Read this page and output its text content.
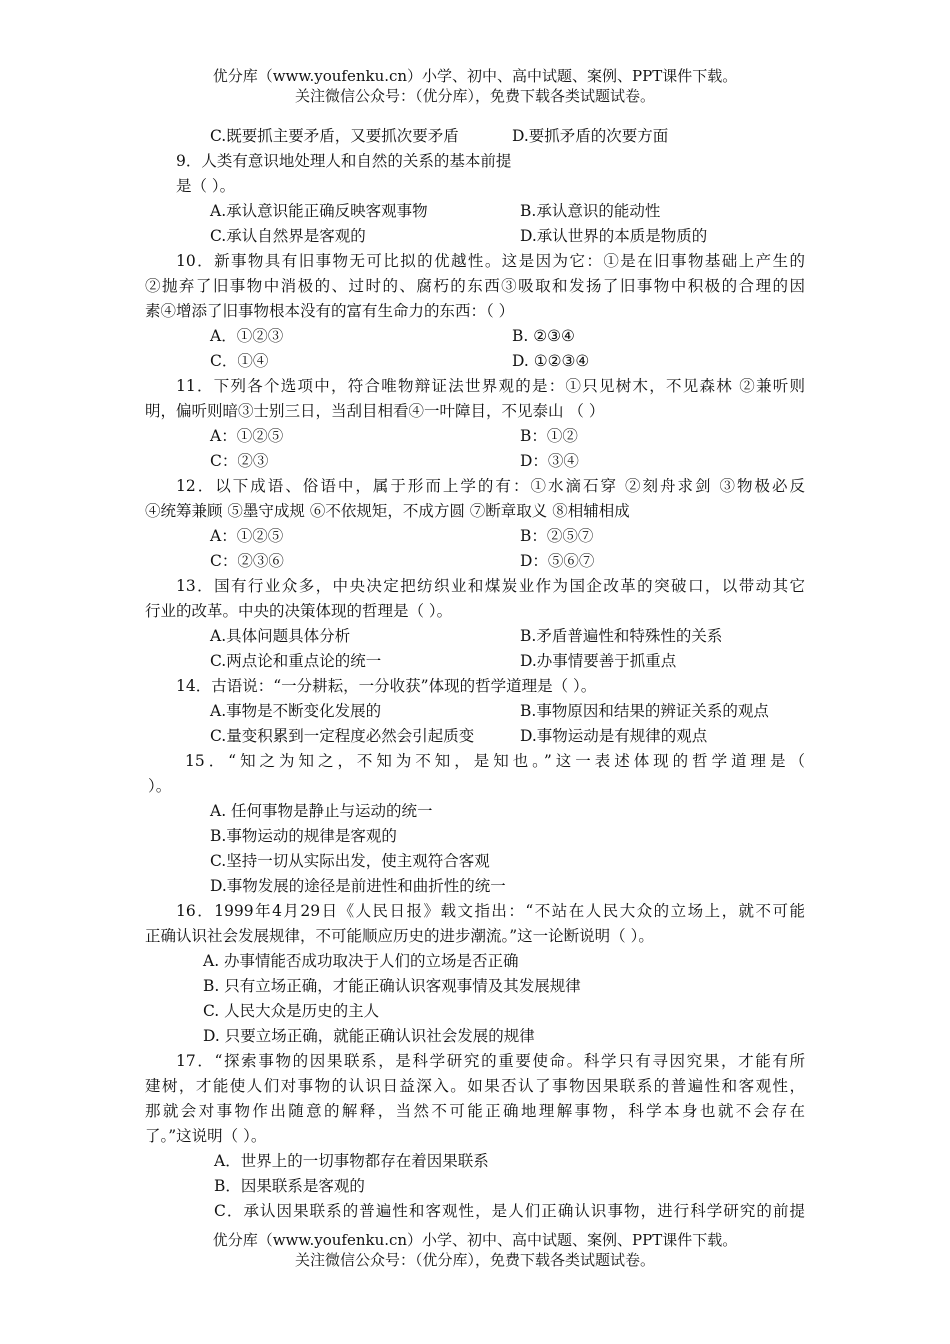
优分库（www.youfenku.cn）小学、初中、高中试题、案例、PPT课件下载。
关注微信公众号：（优分库），免费下载各类试题试卷。
C.既要抓主要矛盾，又要抓次要矛盾	D.要抓矛盾的次要方面
9．人类有意识地处理人和自然的关系的基本前提
是（ ）。
A.承认意识能正确反映客观事物	B.承认意识的能动性
C.承认自然界是客观的	D.承认世界的本质是物质的
10．新事物具有旧事物无可比拟的优越性。这是因为它：①是在旧事物基础上产生的
②抛弃了旧事物中消极的、过时的、腐朽的东西③吸取和发扬了旧事物中积极的合理的因
素④增添了旧事物根本没有的富有生命力的东西：（ ）
A．①②③	B. ②③④
C．①④	D. ①②③④
11．下列各个选项中，符合唯物辩证法世界观的是：①只见树木，不见森林 ②兼听则
明，偏听则暗③士别三日，当刮目相看④一叶障目，不见泰山 （ ）
A：①②⑤	B：①②
C：②③	D：③④
12．以下成语、俗语中，属于形而上学的有：①水滴石穿 ②刻舟求剑 ③物极必反
④统筹兼顾 ⑤墨守成规 ⑥不依规矩，不成方圆 ⑦断章取义 ⑧相辅相成
A：①②⑤	B：②⑤⑦
C：②③⑥	D：⑤⑥⑦
13．国有行业众多，中央决定把纺织业和煤炭业作为国企改革的突破口，以带动其它
行业的改革。中央的决策体现的哲理是（ ）。
A.具体问题具体分析	B.矛盾普遍性和特殊性的关系
C.两点论和重点论的统一	D.办事情要善于抓重点
14．古语说：“一分耕耘，一分收获”体现的哲学道理是（ ）。
A.事物是不断变化发展的	B.事物原因和结果的辨证关系的观点
C.量变积累到一定程度必然会引起质变	D.事物运动是有规律的观点
15．“知之为知之，不知为不知，是知也。”这一表述体现的哲学道理是（
）。
A. 任何事物是静止与运动的统一
B.事物运动的规律是客观的
C.坚持一切从实际出发，使主观符合客观
D.事物发展的途径是前进性和曲折性的统一
16．1999年4月29日《人民日报》载文指出：“不站在人民大众的立场上，就不可能
正确认识社会发展规律，不可能顺应历史的进步潮流。”这一论断说明（ ）。
A. 办事情能否成功取决于人们的立场是否正确
B. 只有立场正确，才能正确认识客观事情及其发展规律
C. 人民大众是历史的主人
D. 只要立场正确，就能正确认识社会发展的规律
17．“探索事物的因果联系，是科学研究的重要使命。科学只有寻因究果，才能有所
建树，才能使人们对事物的认识日益深入。如果否认了事物因果联系的普遍性和客观性，
那就会对事物作出随意的解释，当然不可能正确地理解事物，科学本身也就不会存在
了。”这说明（ ）。
A．世界上的一切事物都存在着因果联系
B．因果联系是客观的
C．承认因果联系的普遍性和客观性，是人们正确认识事物，进行科学研究的前提
优分库（www.youfenku.cn）小学、初中、高中试题、案例、PPT课件下载。
关注微信公众号：（优分库），免费下载各类试题试卷。
